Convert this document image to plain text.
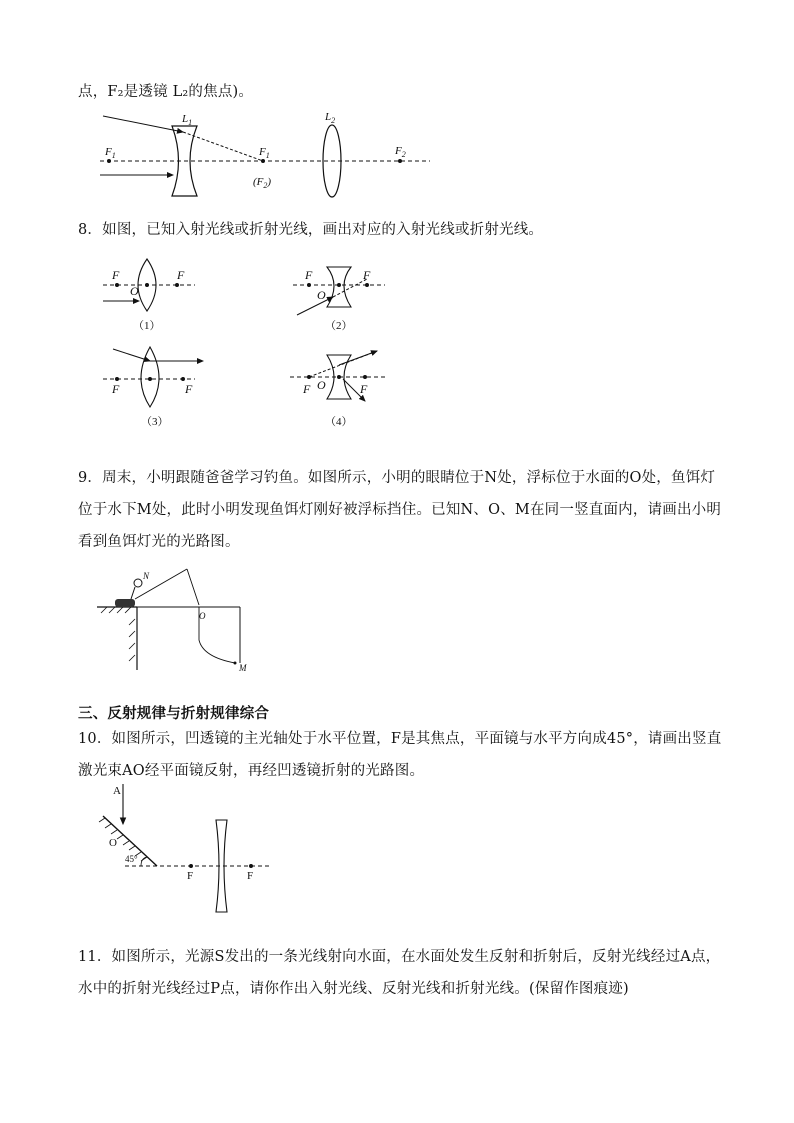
点，F₂是透镜 L₂的焦点)。
$L_1$	$L_2$
$F_1$	$F_1$	$F_2$
$(F_2)$
8．如图，已知入射光线或折射光线，画出对应的入射光线或折射光线。
F	F
O
（1）
F	F
O
（2）
F	F
（3）
F	F
O
（4）
9．周末，小明跟随爸爸学习钓鱼。如图所示，小明的眼睛位于N处，浮标位于水面的O处，鱼饵灯
位于水下M处，此时小明发现鱼饵灯刚好被浮标挡住。已知N、O、M在同一竖直面内，请画出小明
看到鱼饵灯光的光路图。
N
O
M
三、反射规律与折射规律综合
10．如图所示，凹透镜的主光轴处于水平位置，F是其焦点，平面镜与水平方向成45°，请画出竖直
激光束AO经平面镜反射，再经凹透镜折射的光路图。
A
O
45°
F	F
11．如图所示，光源S发出的一条光线射向水面，在水面处发生反射和折射后，反射光线经过A点，
水中的折射光线经过P点，请你作出入射光线、反射光线和折射光线。(保留作图痕迹)
